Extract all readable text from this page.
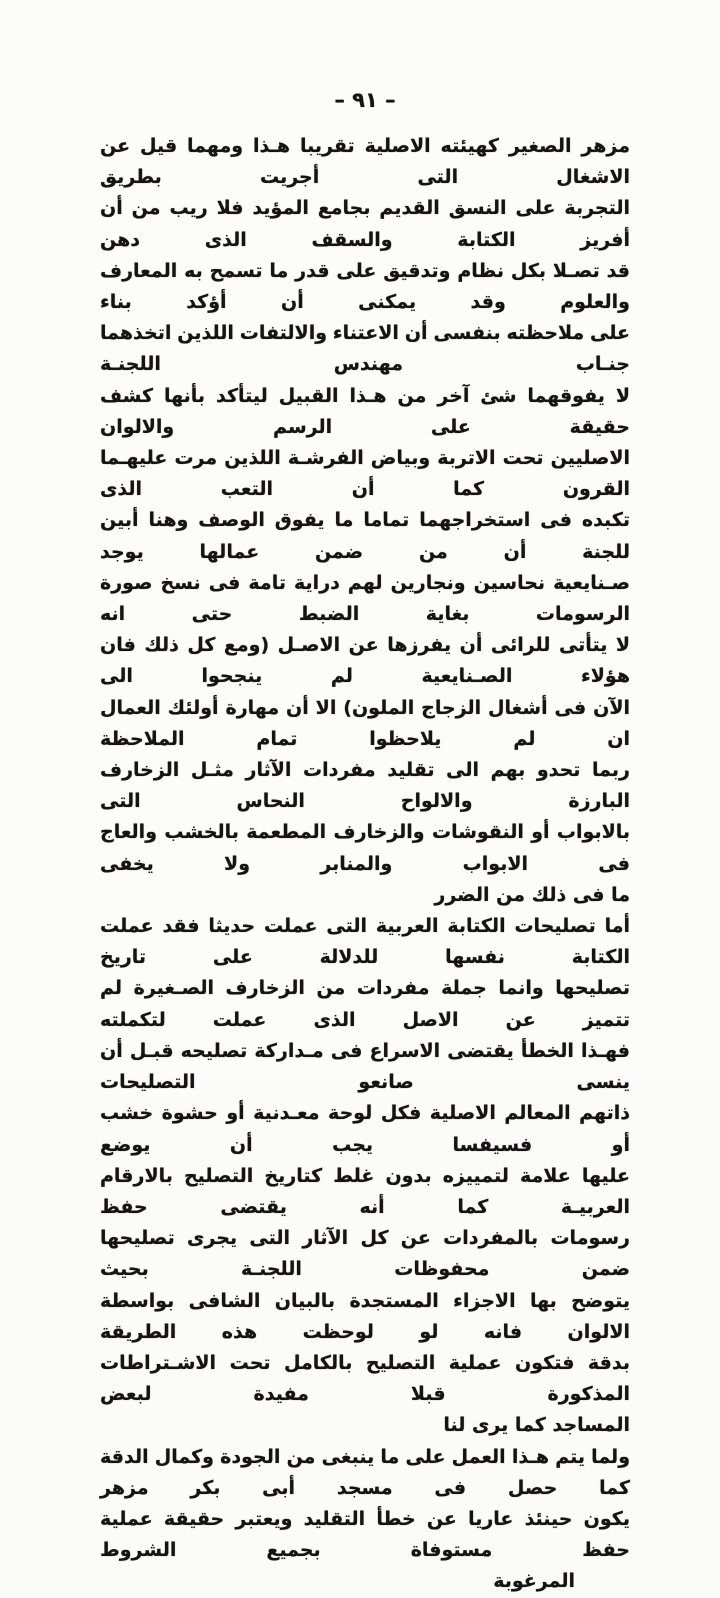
– ٩١ –
مزهر الصغير كهيئته الاصلية تقريبا هـذا ومهما قيل عن الاشغال التى أجريت بطريق
التجربة على النسق القديم بجامع المؤيد فلا ريب من أن أفريز الكتابة والسقف الذى دهن
قد تصـلا بكل نظام وتدقيق على قدر ما تسمح به المعارف والعلوم وقد يمكنى أن أؤكد بناء
على ملاحظته بنفسى أن الاعتناء والالتفات اللذين اتخذهما جنـاب مهندس اللجنـة
لا يفوقهما شئ آخر من هـذا القبيل ليتأكد بأنها كشف حقيقة على الرسم والالوان
الاصليين تحت الاتربة وبياض الفرشـة اللذين مرت عليهـما القرون كما أن التعب الذى
تكبده فى استخراجهما تماما ما يفوق الوصف وهنا أبين للجنة أن من ضمن عمالها يوجد
صـنايعية نحاسين ونجارين لهم دراية تامة فى نسخ صورة الرسومات بغاية الضبط حتى انه
لا يتأتى للرائى أن يفرزها عن الاصـل (ومع كل ذلك فان هؤلاء الصـنايعية لم ينجحوا الى
الآن فى أشغال الزجاج الملون) الا أن مهارة أولئك العمال ان لم يلاحظوا تمام الملاحظة
ربما تحدو بهم الى تقليد مفردات الآثار مثـل الزخارف البارزة والالواح النحاس التى
بالابواب أو النقوشات والزخارف المطعمة بالخشب والعاج فى الابواب والمنابر ولا يخفى
ما فى ذلك من الضرر
أما تصليحات الكتابة العربية التى عملت حديثا فقد عملت الكتابة نفسها للدلالة على تاريخ
تصليحها وانما جملة مفردات من الزخارف الصـغيرة لم تتميز عن الاصل الذى عملت لتكملته
فهـذا الخطأ يقتضى الاسراع فى مـداركة تصليحه قبـل أن ينسى صانعو التصليحات
ذاتهم المعالم الاصلية فكل لوحة معـدنية أو حشوة خشب أو فسيفسا يجب أن يوضع
عليها علامة لتمييزه بدون غلط كتاريخ التصليح بالارقام العربيـة كما أنه يقتضى حفظ
رسومات بالمفردات عن كل الآثار التى يجرى تصليحها ضمن محفوظات اللجنـة بحيث
يتوضح بها الاجزاء المستجدة بالبيان الشافى بواسطة الالوان فانه لو لوحظت هذه الطريقة
بدقة فتكون عملية التصليح بالكامل تحت الاشـتراطات المذكورة قبلا مفيدة لبعض
المساجد كما يرى لنا
ولما يتم هـذا العمل على ما ينبغى من الجودة وكمال الدقة كما حصل فى مسجد أبى بكر مزهر
يكون حينئذ عاريا عن خطأ التقليد ويعتبر حقيقة عملية حفظ مستوفاة بجميع الشروط
المرغوبة
